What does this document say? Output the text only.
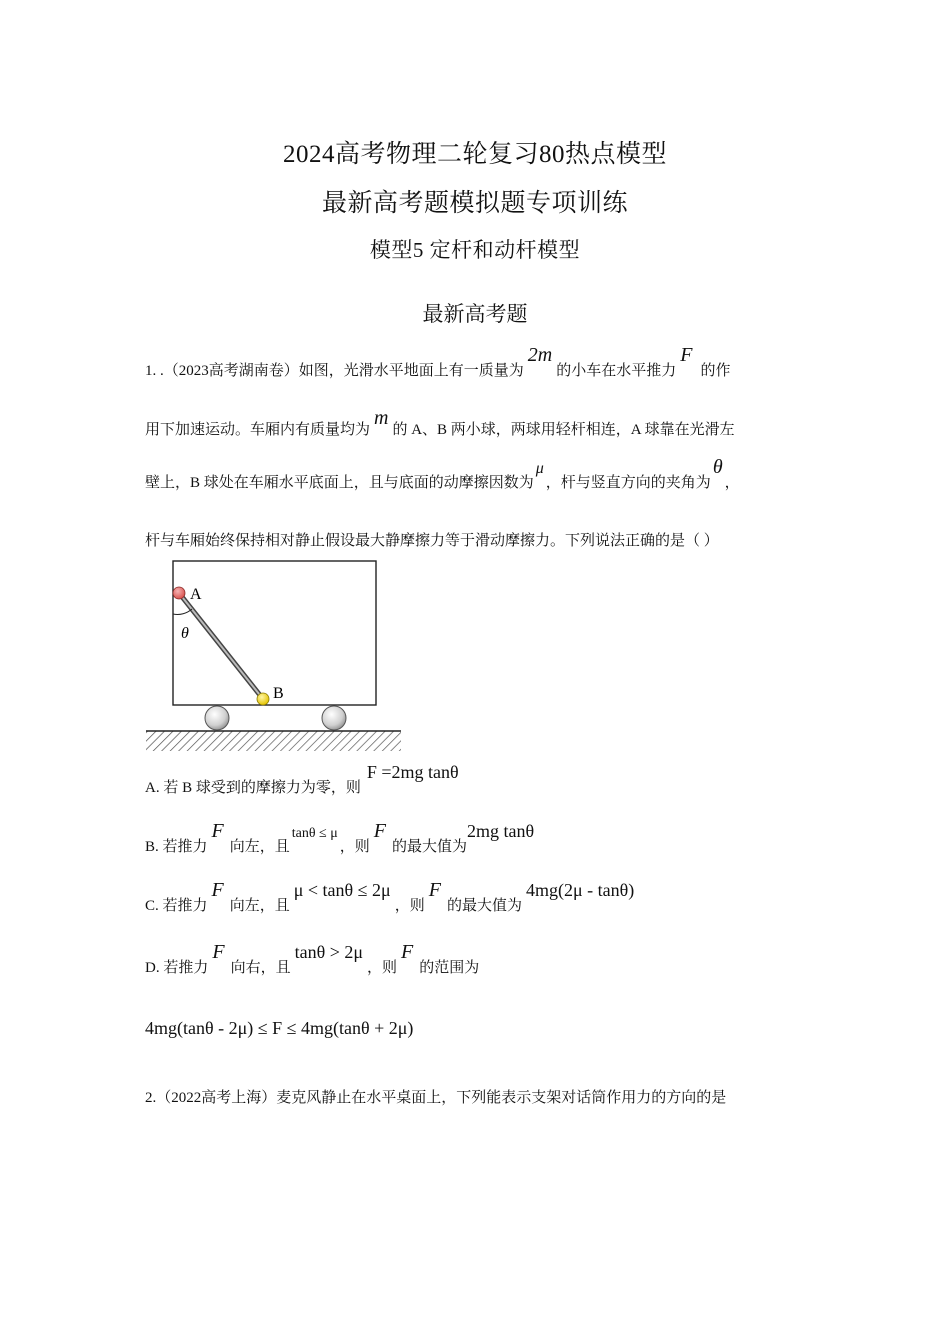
2024高考物理二轮复习80热点模型
最新高考题模拟题专项训练
模型5 定杆和动杆模型
最新高考题
1. .（2023高考湖南卷）如图，光滑水平地面上有一质量为2m的小车在水平推力F的作
用下加速运动。车厢内有质量均为m的 A、B 两小球，两球用轻杆相连，A 球靠在光滑左
壁上，B 球处在车厢水平底面上，且与底面的动摩擦因数为μ，杆与竖直方向的夹角为θ，
杆与车厢始终保持相对静止假设最大静摩擦力等于滑动摩擦力。下列说法正确的是（ ）
A
θ
B
A. 若 B 球受到的摩擦力为零，则F =2mg tanθ
B. 若推力F向左，且tanθ ≤ μ，则F的最大值为2mg tanθ
C. 若推力F向左，且μ < tanθ ≤ 2μ，则F的最大值为4mg(2μ - tanθ)
D. 若推力F向右，且tanθ > 2μ，则F的范围为
4mg(tanθ - 2μ) ≤ F ≤ 4mg(tanθ + 2μ)
2.（2022高考上海）麦克风静止在水平桌面上，下列能表示支架对话筒作用力的方向的是
